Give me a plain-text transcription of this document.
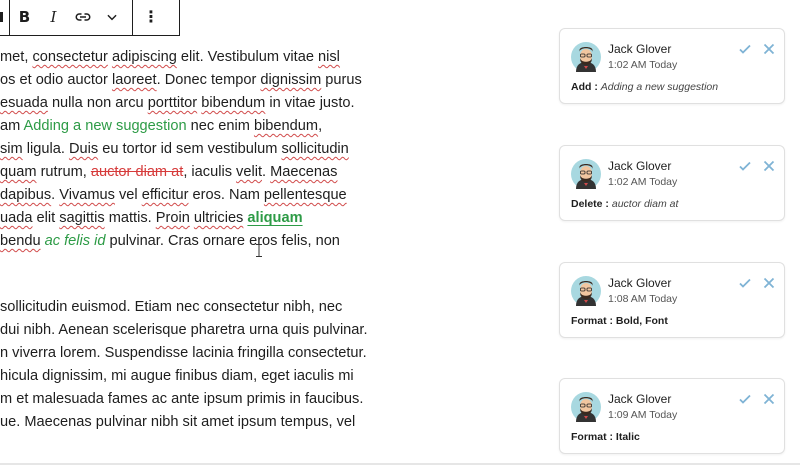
B	I	⋮
met, consectetur adipiscing elit. Vestibulum vitae nisl
os et odio auctor laoreet. Donec tempor dignissim purus
esuada nulla non arcu porttitor bibendum in vitae justo.
am Adding a new suggestion nec enim bibendum,
sim ligula. Duis eu tortor id sem vestibulum sollicitudin
quam rutrum, auctor diam at, iaculis velit. Maecenas
dapibus. Vivamus vel efficitur eros. Nam pellentesque
uada elit sagittis mattis. Proin ultricies aliquam
bendu ac felis id pulvinar. Cras ornare eros felis, non
sollicitudin euismod. Etiam nec consectetur nibh, nec
dui nibh. Aenean scelerisque pharetra urna quis pulvinar.
n viverra lorem. Suspendisse lacinia fringilla consectetur.
hicula dignissim, mi augue finibus diam, eget iaculis mi
m et malesuada fames ac ante ipsum primis in faucibus.
ue. Maecenas pulvinar nibh sit amet ipsum tempus, vel
Jack Glover
1:02 AM Today
Add : Adding a new suggestion
Jack Glover
1:02 AM Today
Delete : auctor diam at
Jack Glover
1:08 AM Today
Format : Bold, Font
Jack Glover
1:09 AM Today
Format : Italic
